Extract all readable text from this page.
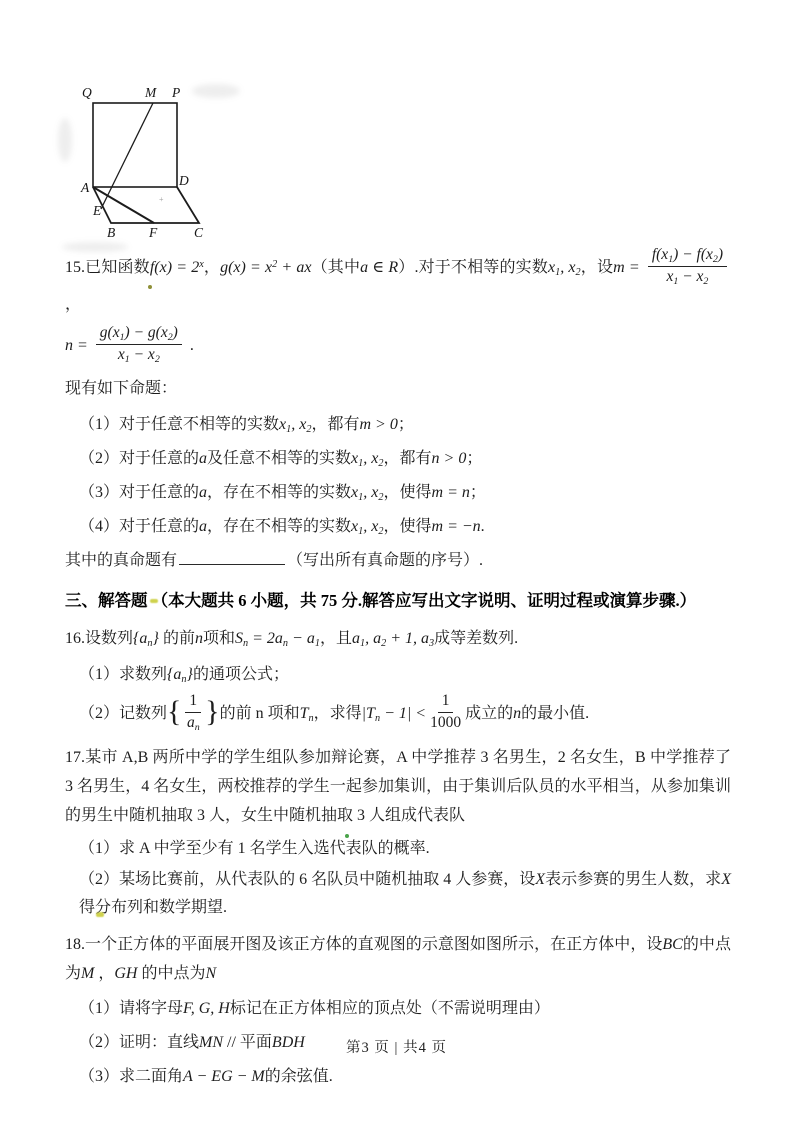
+
Q	M P
A	D
E
B	F	C

15.已知函数$f(x) = 2^x$，$g(x) = x^2 + ax$（其中a ∈ R）.对于不相等的实数$x_1$, $x_2$，设$m = \frac{f(x_1) - f(x_2)}{x_1 - x_2}$
，

$n = \frac{g(x_1) - g(x_2)}{x_1 - x_2}$ .

现有如下命题：

（1）对于任意不相等的实数$x_1$, $x_2$，都有m > 0；

（2）对于任意的a及任意不相等的实数$x_1$, $x_2$，都有n > 0；

（3）对于任意的a，存在不相等的实数$x_1$, $x_2$，使得m = n；

（4）对于任意的a，存在不相等的实数$x_1$, $x_2$，使得m = −n.

其中的真命题有	（写出所有真命题的序号）.

三、解答题 （本大题共 6 小题，共 75 分.解答应写出文字说明、证明过程或演算步骤.）

16.设数列$\{a_n\}$ 的前n项和$S_n = 2a_n - a_1$，且$a_1$, $a_2 + 1$, $a_3$成等差数列.

（1）求数列$\{a_n\}$的通项公式；

（2）记数列{ $\frac{1}{a_n}$ }的前 n 项和$T_n$，求得$|T_n - 1| < \frac{1}{1000}$ 成立的n的最小值.

17.某市 A,B 两所中学的学生组队参加辩论赛，A 中学推荐 3 名男生，2 名女生，B 中学推荐了 3 名男生，4 名女生，两校推荐的学生一起参加集训，由于集训后队员的水平相当，从参加集训的男生中随机抽取 3 人，女生中随机抽取 3 人组成代表队

（1）求 A 中学至少有 1 名学生入选代表队的概率.

（2）某场比赛前，从代表队的 6 名队员中随机抽取 4 人参赛，设X表示参赛的男生人数，求X得分布列和数学期望.

18.一个正方体的平面展开图及该正方体的直观图的示意图如图所示，在正方体中，设BC的中点为M ，GH 的中点为N

（1）请将字母F, G, H标记在正方体相应的顶点处（不需说明理由）

（2）证明：直线MN // 平面BDH

（3）求二面角A − EG − M的余弦值.

第3 页 | 共4 页
